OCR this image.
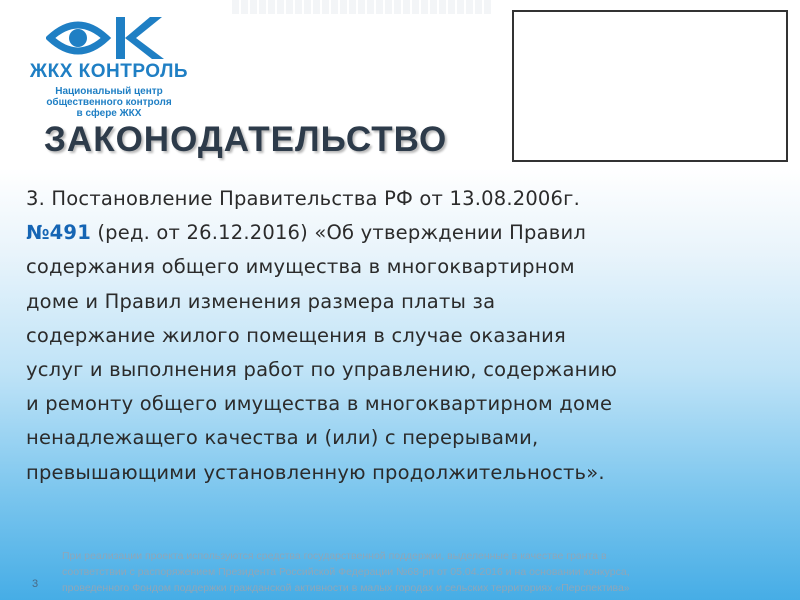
ЖКХ КОНТРОЛЬ
Национальный центр
общественного контроля
в сфере ЖКХ
ЗАКОНОДАТЕЛЬСТВО
3. Постановление Правительства РФ от 13.08.2006г.
№491 (ред. от 26.12.2016) «Об утверждении Правил
содержания общего имущества в многоквартирном
доме и Правил изменения размера платы за
содержание жилого помещения в случае оказания
услуг и выполнения работ по управлению, содержанию
и ремонту общего имущества в многоквартирном доме
ненадлежащего качества и (или) с перерывами,
превышающими установленную продолжительность».
3
При реализации проекта используются средства государственной поддержки, выделенные в качестве гранта в
соответствии с распоряжением Президента Российской Федерации №68-рп от 05.04.2016 и на основании конкурса,
проведенного Фондом поддержки гражданской активности в малых городах и сельских территориях «Перспектива»
